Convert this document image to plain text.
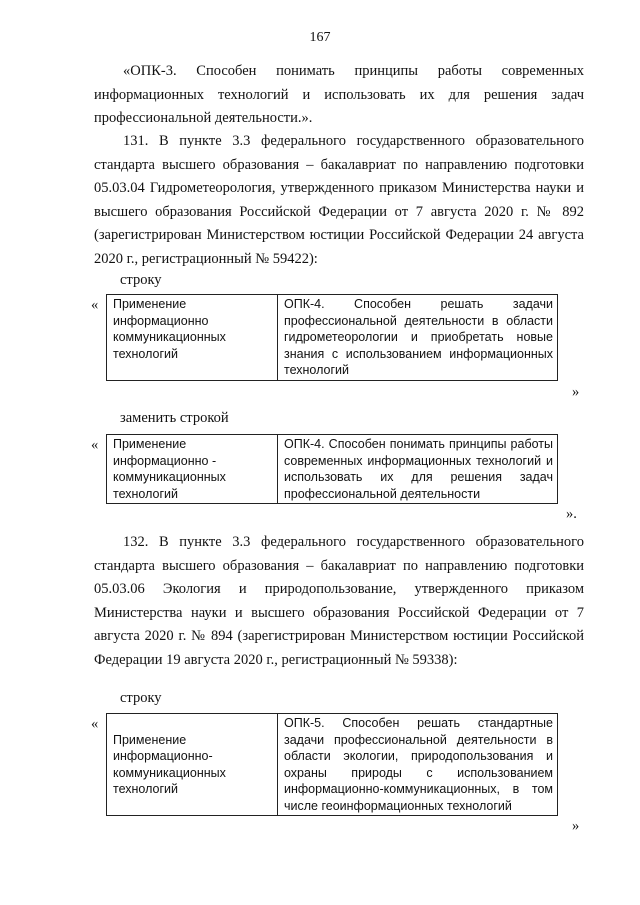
167
«ОПК-3. Способен понимать принципы работы современных информационных технологий и использовать их для решения задач профессиональной деятельности.».
131. В пункте 3.3 федерального государственного образовательного стандарта высшего образования – бакалавриат по направлению подготовки 05.03.04 Гидрометеорология, утвержденного приказом Министерства науки и высшего образования Российской Федерации от 7 августа 2020 г. № 892 (зарегистрирован Министерством юстиции Российской Федерации 24 августа 2020 г., регистрационный № 59422):
строку
« Применение информационно коммуникационных технологий	ОПК-4. Способен решать задачи профессиональной деятельности в области гидрометеорологии и приобретать новые знания с использованием информационных технологий
»
заменить строкой
« Применение информационно - коммуникационных технологий	ОПК-4. Способен понимать принципы работы современных информационных технологий и использовать их для решения задач профессиональной деятельности
».
132. В пункте 3.3 федерального государственного образовательного стандарта высшего образования – бакалавриат по направлению подготовки 05.03.06 Экология и природопользование, утвержденного приказом Министерства науки и высшего образования Российской Федерации от 7 августа 2020 г. № 894 (зарегистрирован Министерством юстиции Российской Федерации 19 августа 2020 г., регистрационный № 59338):
строку
«
Применение информационно-коммуникационных технологий	ОПК-5. Способен решать стандартные задачи профессиональной деятельности в области экологии, природопользования и охраны природы с использованием информационно-коммуникационных, в том числе геоинформационных технологий
»
